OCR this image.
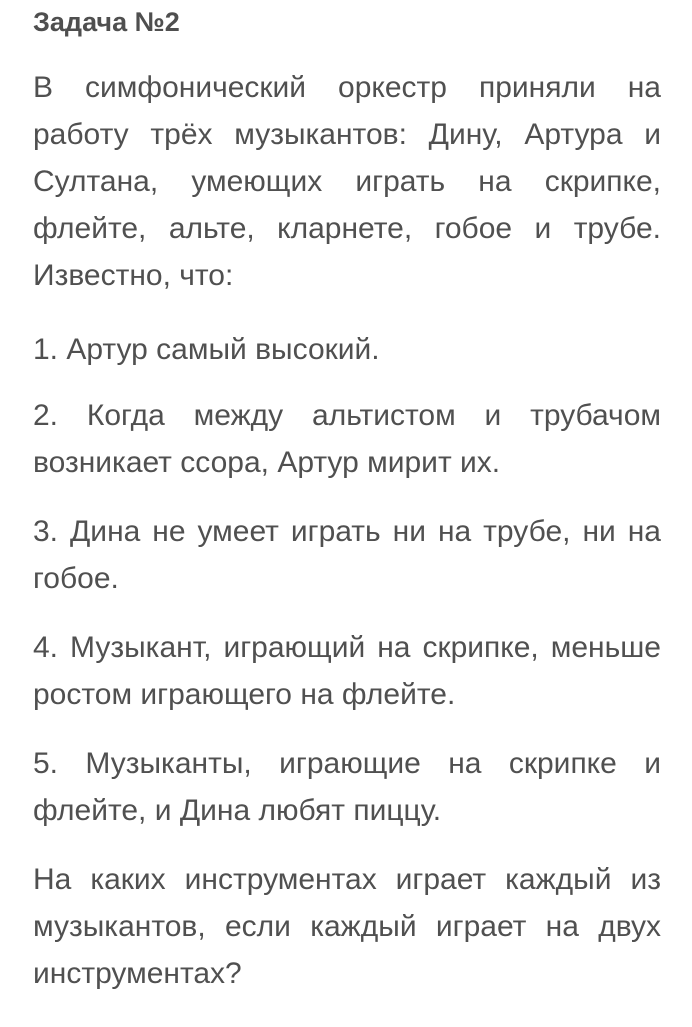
Задача №2
В симфонический оркестр приняли на работу трёх музыкантов: Дину, Артура и Султана, умеющих играть на скрипке, флейте, альте, кларнете, гобое и трубе. Известно, что:
1. Артур самый высокий.
2. Когда между альтистом и трубачом возникает ссора, Артур мирит их.
3. Дина не умеет играть ни на трубе, ни на гобое.
4. Музыкант, играющий на скрипке, меньше ростом играющего на флейте.
5. Музыканты, играющие на скрипке и флейте, и Дина любят пиццу.
На каких инструментах играет каждый из музыкантов, если каждый играет на двух инструментах?
